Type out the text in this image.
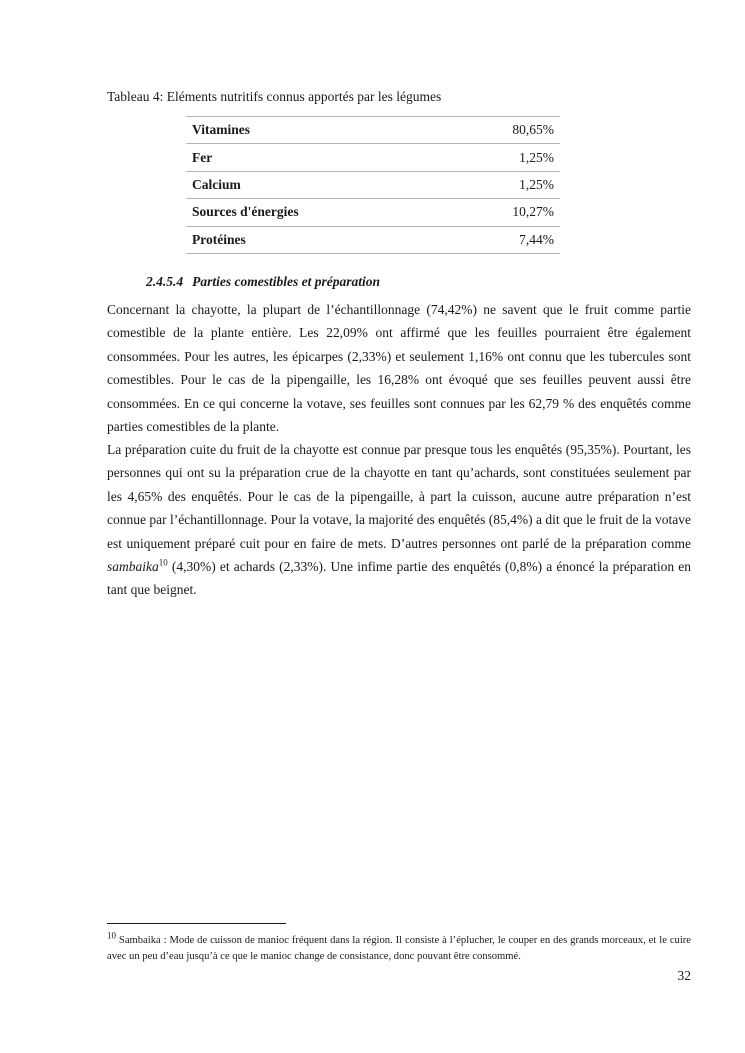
Tableau 4: Eléments nutritifs connus apportés par les légumes
Vitamines	80,65%
Fer	1,25%
Calcium	1,25%
Sources d'énergies	10,27%
Protéines	7,44%
2.4.5.4 Parties comestibles et préparation

Concernant la chayotte, la plupart de l’échantillonnage (74,42%) ne savent que le fruit comme partie comestible de la plante entière. Les 22,09% ont affirmé que les feuilles pourraient être également consommées. Pour les autres, les épicarpes (2,33%) et seulement 1,16% ont connu que les tubercules sont comestibles. Pour le cas de la pipengaille, les 16,28% ont évoqué que ses feuilles peuvent aussi être consommées. En ce qui concerne la votave, ses feuilles sont connues par les 62,79 % des enquêtés comme parties comestibles de la plante.

La préparation cuite du fruit de la chayotte est connue par presque tous les enquêtés (95,35%). Pourtant, les personnes qui ont su la préparation crue de la chayotte en tant qu’achards, sont constituées seulement par les 4,65% des enquêtés. Pour le cas de la pipengaille, à part la cuisson, aucune autre préparation n’est connue par l’échantillonnage. Pour la votave, la majorité des enquêtés (85,4%) a dit que le fruit de la votave est uniquement préparé cuit pour en faire de mets. D’autres personnes ont parlé de la préparation comme sambaika$^{10}$ (4,30%) et achards (2,33%). Une infime partie des enquêtés (0,8%) a énoncé la préparation en tant que beignet.

$^{10}$ Sambaika : Mode de cuisson de manioc fréquent dans la région. Il consiste à l’éplucher, le couper en des grands morceaux, et le cuire avec un peu d’eau jusqu’à ce que le manioc change de consistance, donc pouvant être consommé.

32
